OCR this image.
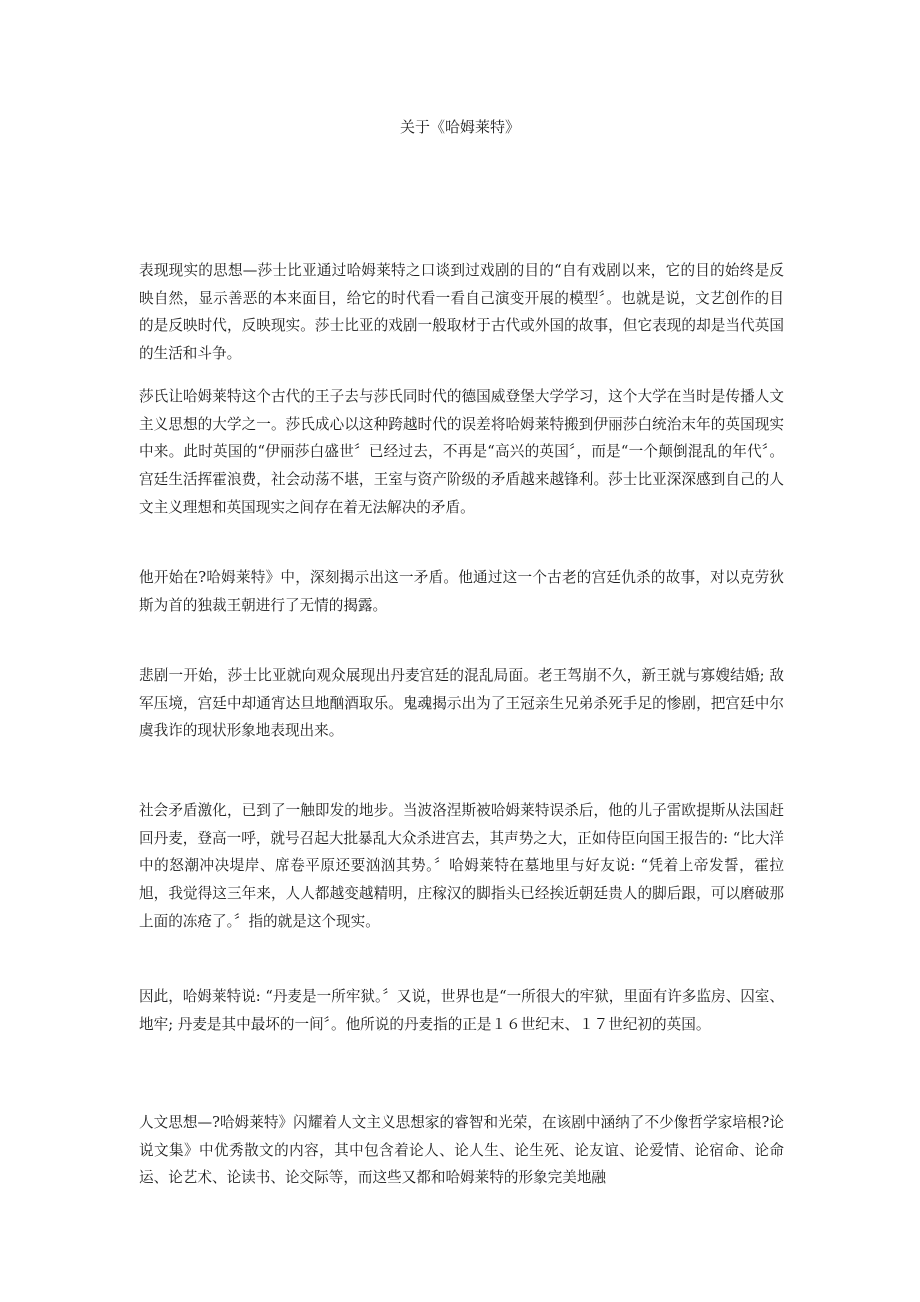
关于《哈姆莱特》

表现现实的思想—莎士比亚通过哈姆莱特之口谈到过戏剧的目的“自有戏剧以来，它的目的始终是反映自然，显示善恶的本来面目，给它的时代看一看自己演变开展的模型〞。也就是说，文艺创作的目的是反映时代，反映现实。莎士比亚的戏剧一般取材于古代或外国的故事，但它表现的却是当代英国的生活和斗争。

莎氏让哈姆莱特这个古代的王子去与莎氏同时代的德国威登堡大学学习，这个大学在当时是传播人文主义思想的大学之一。莎氏成心以这种跨越时代的误差将哈姆莱特搬到伊丽莎白统治末年的英国现实中来。此时英国的“伊丽莎白盛世〞已经过去，不再是“高兴的英国〞，而是“一个颠倒混乱的年代〞。宫廷生活挥霍浪费，社会动荡不堪，王室与资产阶级的矛盾越来越锋利。莎士比亚深深感到自己的人文主义理想和英国现实之间存在着无法解决的矛盾。

他开始在?哈姆莱特》中，深刻揭示出这一矛盾。他通过这一个古老的宫廷仇杀的故事，对以克劳狄斯为首的独裁王朝进行了无情的揭露。

悲剧一开始，莎士比亚就向观众展现出丹麦宫廷的混乱局面。老王驾崩不久，新王就与寡嫂结婚; 敌军压境，宫廷中却通宵达旦地酗酒取乐。鬼魂揭示出为了王冠亲生兄弟杀死手足的惨剧，把宫廷中尔虞我诈的现状形象地表现出来。

社会矛盾激化，已到了一触即发的地步。当波洛涅斯被哈姆莱特误杀后，他的儿子雷欧提斯从法国赶回丹麦，登高一呼，就号召起大批暴乱大众杀进宫去，其声势之大，正如侍臣向国王报告的: “比大洋中的怒潮冲决堤岸、席卷平原还要汹汹其势。〞哈姆莱特在墓地里与好友说: “凭着上帝发誓，霍拉旭，我觉得这三年来，人人都越变越精明，庄稼汉的脚指头已经挨近朝廷贵人的脚后跟，可以磨破那上面的冻疮了。〞指的就是这个现实。

因此，哈姆莱特说: “丹麦是一所牢狱。〞又说，世界也是“一所很大的牢狱，里面有许多监房、囚室、地牢; 丹麦是其中最坏的一间〞。他所说的丹麦指的正是１６世纪末、１７世纪初的英国。

人文思想—?哈姆莱特》闪耀着人文主义思想家的睿智和光荣，在该剧中涵纳了不少像哲学家培根?论说文集》中优秀散文的内容，其中包含着论人、论人生、论生死、论友谊、论爱情、论宿命、论命运、论艺术、论读书、论交际等，而这些又都和哈姆莱特的形象完美地融
